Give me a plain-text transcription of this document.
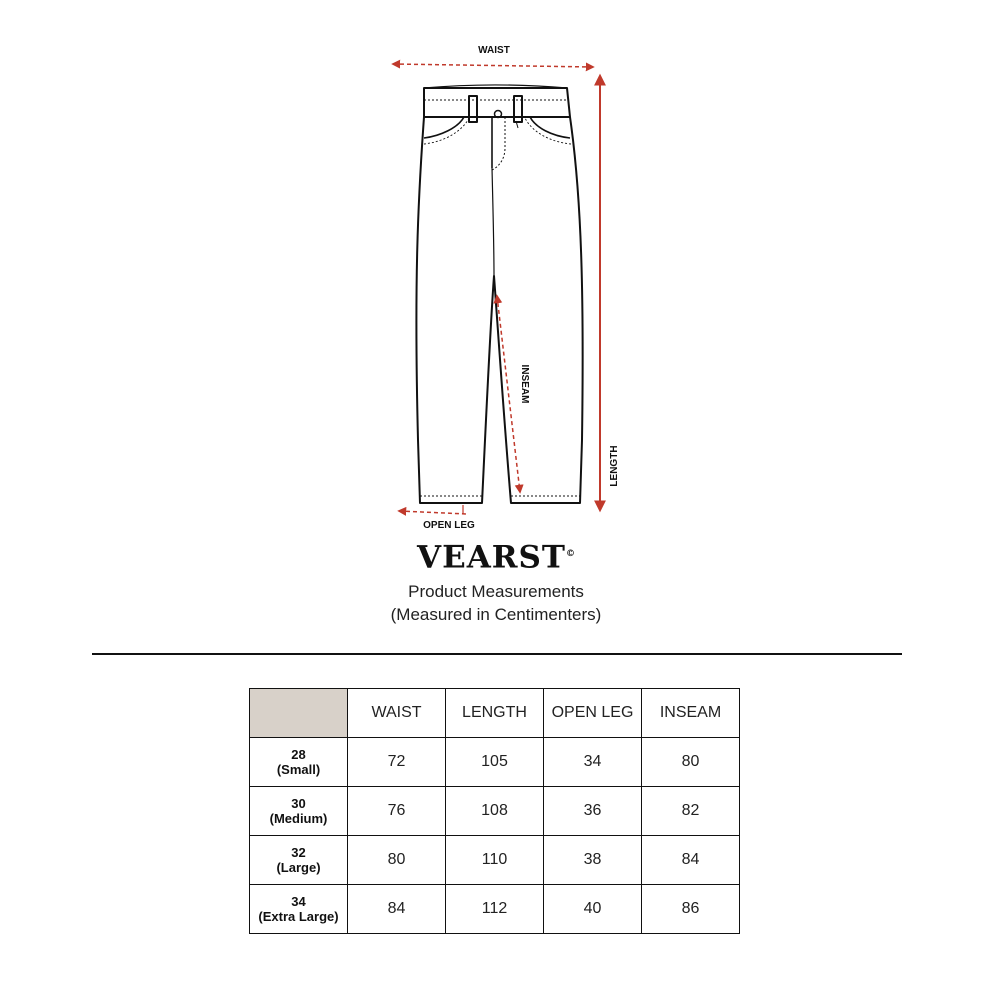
WAIST
LENGTH
INSEAM
OPEN LEG
VEARST©
Product Measurements
(Measured in Centimenters)
	WAIST	LENGTH	OPEN LEG	INSEAM

28
(Small)	72	105	34	80

30
(Medium)	76	108	36	82

32
(Large)	80	110	38	84

34
(Extra Large)	84	112	40	86
